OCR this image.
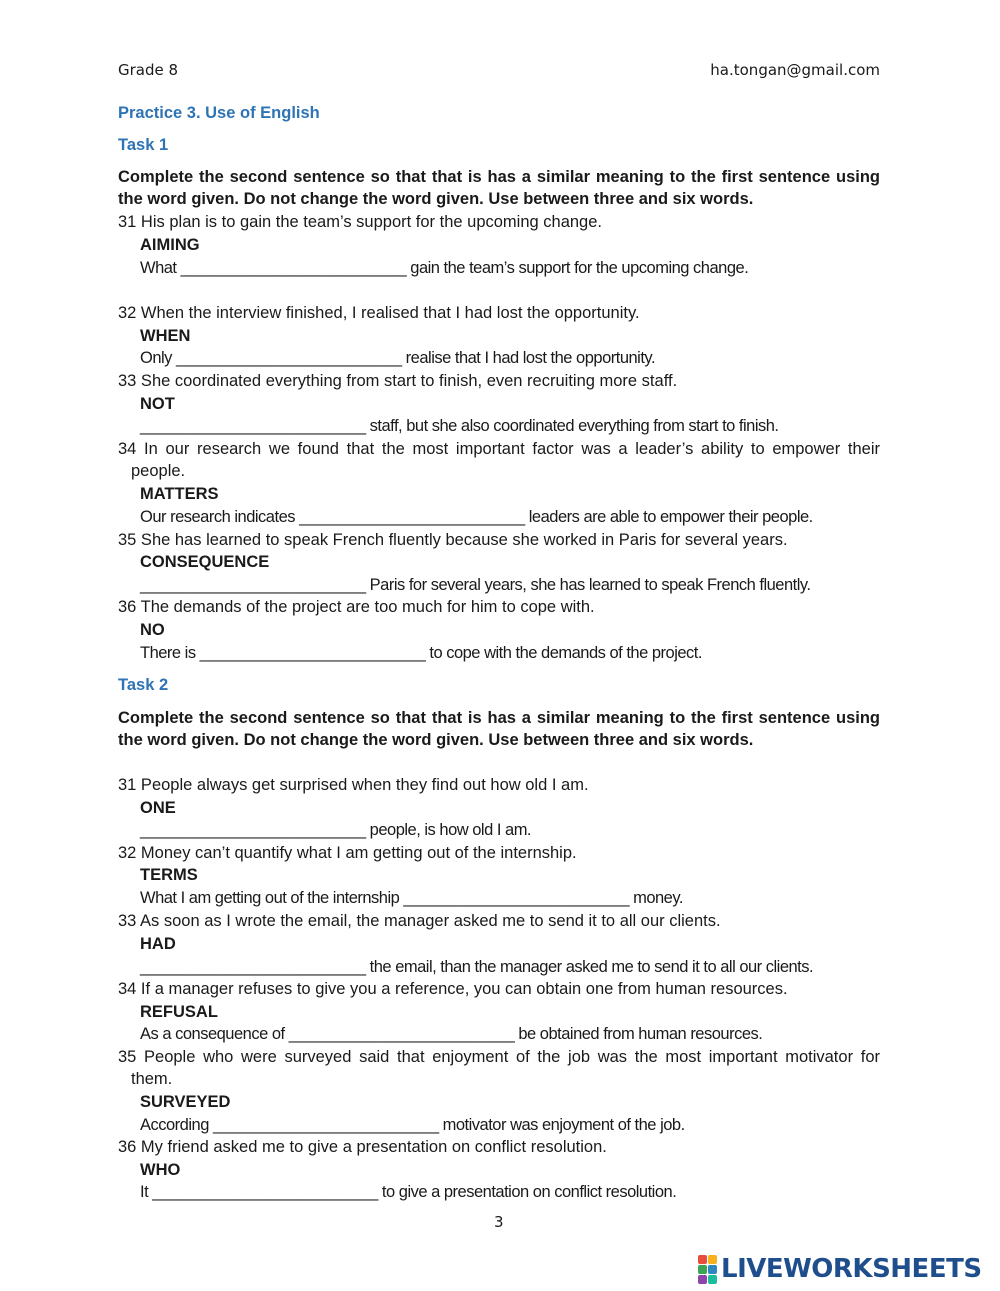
Grade 8	ha.tongan@gmail.com
Practice 3. Use of English
Task 1
Complete the second sentence so that that is has a similar meaning to the first sentence using
the word given. Do not change the word given. Use between three and six words.
31 His plan is to gain the team’s support for the upcoming change.
AIMING
What __________________________ gain the team’s support for the upcoming change.
32 When the interview finished, I realised that I had lost the opportunity.
WHEN
Only __________________________ realise that I had lost the opportunity.
33 She coordinated everything from start to finish, even recruiting more staff.
NOT
__________________________ staff, but she also coordinated everything from start to finish.
34 In our research we found that the most important factor was a leader’s ability to empower their
people.
MATTERS
Our research indicates __________________________ leaders are able to empower their people.
35 She has learned to speak French fluently because she worked in Paris for several years.
CONSEQUENCE
__________________________ Paris for several years, she has learned to speak French fluently.
36 The demands of the project are too much for him to cope with.
NO
There is __________________________ to cope with the demands of the project.
Task 2
Complete the second sentence so that that is has a similar meaning to the first sentence using
the word given. Do not change the word given. Use between three and six words.
31 People always get surprised when they find out how old I am.
ONE
__________________________ people, is how old I am.
32 Money can’t quantify what I am getting out of the internship.
TERMS
What I am getting out of the internship __________________________ money.
33 As soon as I wrote the email, the manager asked me to send it to all our clients.
HAD
__________________________ the email, than the manager asked me to send it to all our clients.
34 If a manager refuses to give you a reference, you can obtain one from human resources.
REFUSAL
As a consequence of __________________________ be obtained from human resources.
35 People who were surveyed said that enjoyment of the job was the most important motivator for
them.
SURVEYED
According __________________________ motivator was enjoyment of the job.
36 My friend asked me to give a presentation on conflict resolution.
WHO
It __________________________ to give a presentation on conflict resolution.
3
LIVEWORKSHEETS
